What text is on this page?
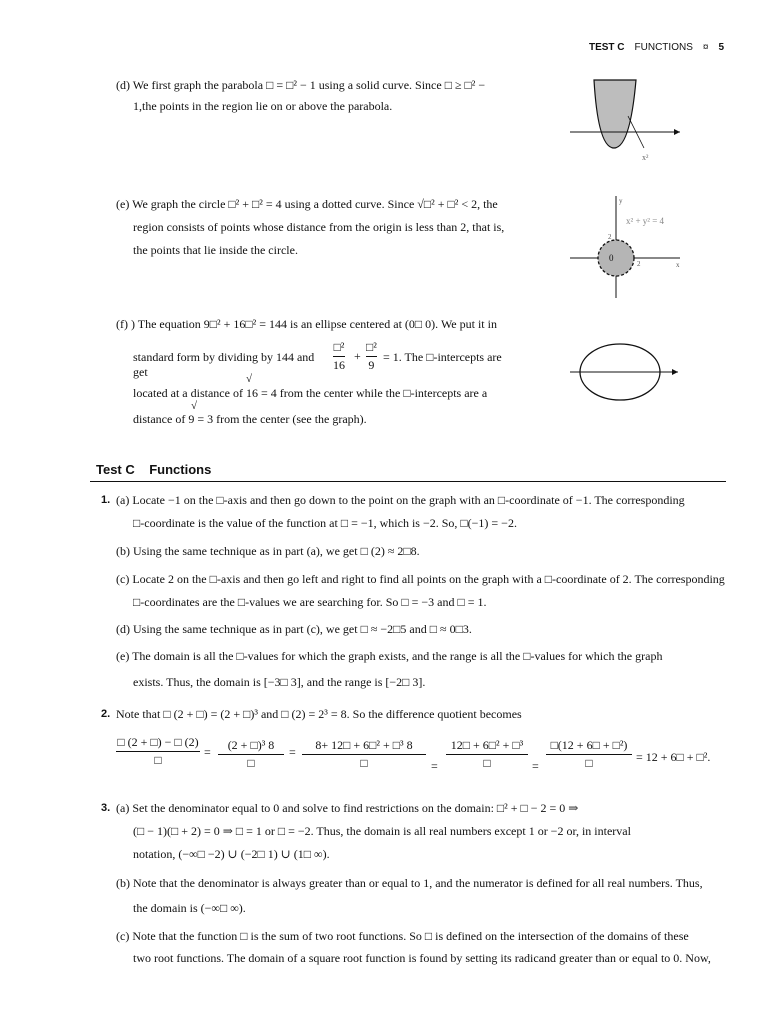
TEST C FUNCTIONS ¤ 5
(d) We first graph the parabola □ = □² − 1 using a solid curve. Since □ ≥ □² −
1,the points in the region lie on or above the parabola.
x²
(e) We graph the circle □² + □² = 4 using a dotted curve. Since √□² + □² < 2, the
region consists of points whose distance from the origin is less than 2, that is,
the points that lie inside the circle.
y
x
0
2
2
x² + y² = 4
(f) ) The equation 9□² + 16□² = 144 is an ellipse centered at (0□ 0). We put it in
standard form by dividing by 144 and
get
□²
16
+
□²
9
= 1. The □-intercepts are
√
located at a distance of 16 = 4 from the center while the □-intercepts are a
√
distance of 9 = 3 from the center (see the graph).
Test C    Functions
1. (a) Locate −1 on the □-axis and then go down to the point on the graph with an □-coordinate of −1. The corresponding
□-coordinate is the value of the function at □ = −1, which is −2. So, □(−1) = −2.
(b) Using the same technique as in part (a), we get □ (2) ≈ 2□8.
(c) Locate 2 on the □-axis and then go left and right to find all points on the graph with a □-coordinate of 2. The corresponding
□-coordinates are the □-values we are searching for. So □ = −3 and □ = 1.
(d) Using the same technique as in part (c), we get □ ≈ −2□5 and □ ≈ 0□3.
(e) The domain is all the □-values for which the graph exists, and the range is all the □-values for which the graph
exists. Thus, the domain is [−3□ 3], and the range is [−2□ 3].
2. Note that □ (2 + □) = (2 + □)³ and □ (2) = 2³ = 8. So the difference quotient becomes
□ (2 + □) − □ (2)
□
= (2 + □)³ 8
□
= 8+ 12□ + 6□² + □³ 8
□	=
12□ + 6□² + □³
□	=
□(12 + 6□ + □²)
□	= 12 + 6□ + □².
3. (a) Set the denominator equal to 0 and solve to find restrictions on the domain: □² + □ − 2 = 0 ⇒
(□ − 1)(□ + 2) = 0 ⇒ □ = 1 or □ = −2. Thus, the domain is all real numbers except 1 or −2 or, in interval
notation, (−∞□ −2) ∪ (−2□ 1) ∪ (1□ ∞).
(b) Note that the denominator is always greater than or equal to 1, and the numerator is defined for all real numbers. Thus,
the domain is (−∞□ ∞).
(c) Note that the function □ is the sum of two root functions. So □ is defined on the intersection of the domains of these
two root functions. The domain of a square root function is found by setting its radicand greater than or equal to 0. Now,
